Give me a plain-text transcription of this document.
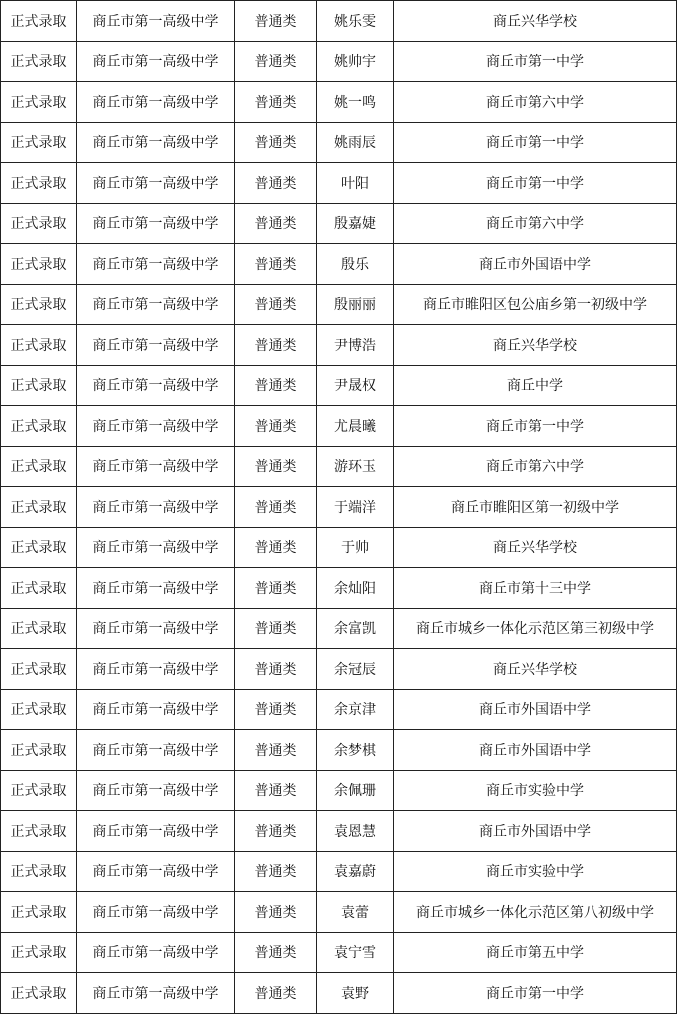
正式录取	商丘市第一高级中学	普通类	姚乐雯	商丘兴华学校
正式录取	商丘市第一高级中学	普通类	姚帅宇	商丘市第一中学
正式录取	商丘市第一高级中学	普通类	姚一鸣	商丘市第六中学
正式录取	商丘市第一高级中学	普通类	姚雨辰	商丘市第一中学
正式录取	商丘市第一高级中学	普通类	叶阳	商丘市第一中学
正式录取	商丘市第一高级中学	普通类	殷嘉婕	商丘市第六中学
正式录取	商丘市第一高级中学	普通类	殷乐	商丘市外国语中学
正式录取	商丘市第一高级中学	普通类	殷丽丽	商丘市睢阳区包公庙乡第一初级中学
正式录取	商丘市第一高级中学	普通类	尹博浩	商丘兴华学校
正式录取	商丘市第一高级中学	普通类	尹晟权	商丘中学
正式录取	商丘市第一高级中学	普通类	尤晨曦	商丘市第一中学
正式录取	商丘市第一高级中学	普通类	游环玉	商丘市第六中学
正式录取	商丘市第一高级中学	普通类	于端洋	商丘市睢阳区第一初级中学
正式录取	商丘市第一高级中学	普通类	于帅	商丘兴华学校
正式录取	商丘市第一高级中学	普通类	余灿阳	商丘市第十三中学
正式录取	商丘市第一高级中学	普通类	余富凯	商丘市城乡一体化示范区第三初级中学
正式录取	商丘市第一高级中学	普通类	余冠辰	商丘兴华学校
正式录取	商丘市第一高级中学	普通类	余京津	商丘市外国语中学
正式录取	商丘市第一高级中学	普通类	余梦棋	商丘市外国语中学
正式录取	商丘市第一高级中学	普通类	余佩珊	商丘市实验中学
正式录取	商丘市第一高级中学	普通类	袁恩慧	商丘市外国语中学
正式录取	商丘市第一高级中学	普通类	袁嘉蔚	商丘市实验中学
正式录取	商丘市第一高级中学	普通类	袁蕾	商丘市城乡一体化示范区第八初级中学
正式录取	商丘市第一高级中学	普通类	袁宁雪	商丘市第五中学
正式录取	商丘市第一高级中学	普通类	袁野	商丘市第一中学
